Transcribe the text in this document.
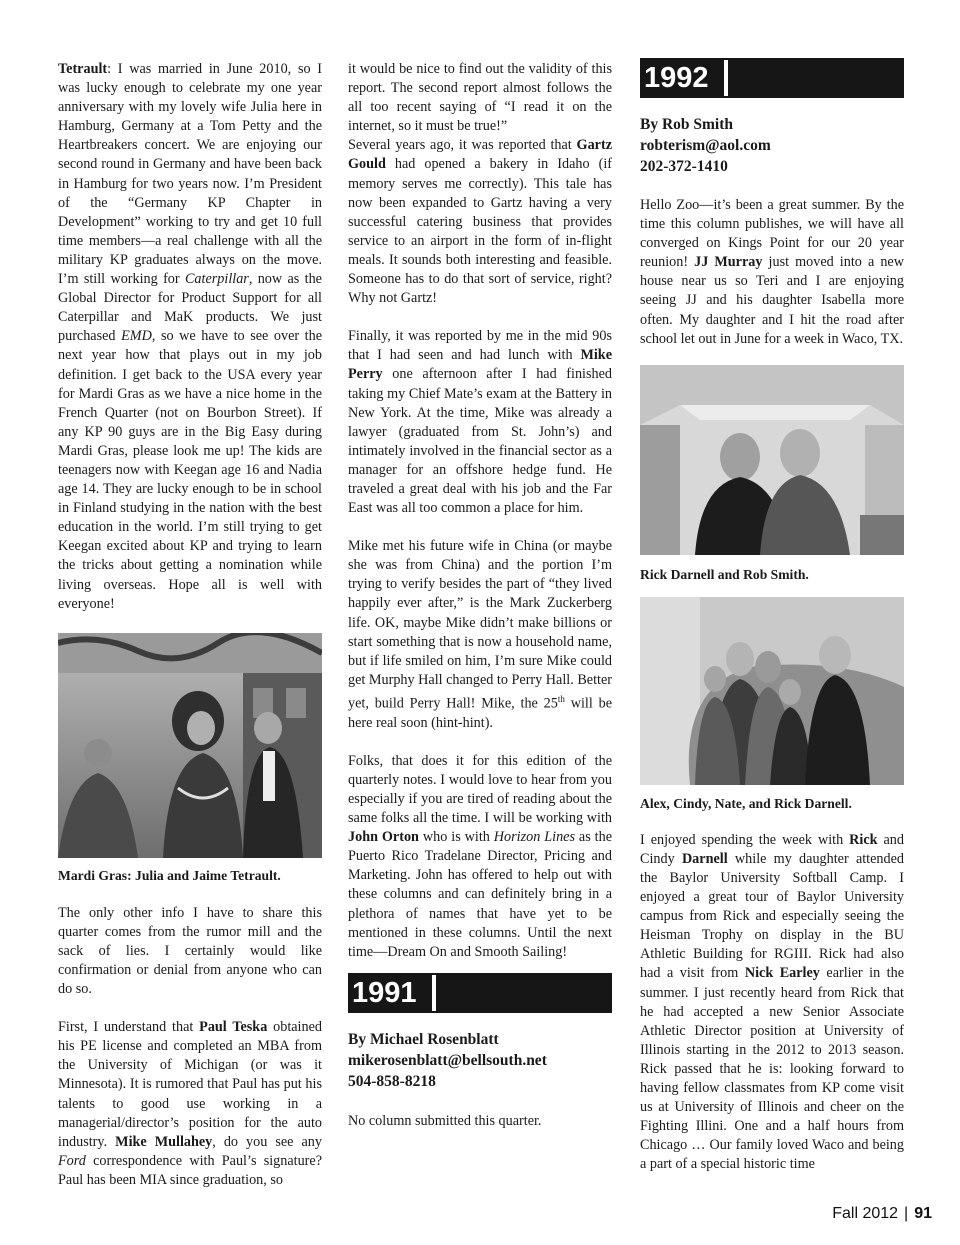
Tetrault: I was married in June 2010, so I was lucky enough to celebrate my one year anniversary with my lovely wife Julia here in Hamburg, Germany at a Tom Petty and the Heartbreakers concert. We are enjoying our second round in Germany and have been back in Hamburg for two years now. I’m President of the “Germany KP Chapter in Development” working to try and get 10 full time members—a real challenge with all the military KP graduates always on the move. I’m still working for Caterpillar, now as the Global Director for Product Support for all Caterpillar and MaK products. We just purchased EMD, so we have to see over the next year how that plays out in my job definition. I get back to the USA every year for Mardi Gras as we have a nice home in the French Quarter (not on Bourbon Street). If any KP 90 guys are in the Big Easy during Mardi Gras, please look me up! The kids are teenagers now with Keegan age 16 and Nadia age 14. They are lucky enough to be in school in Finland studying in the nation with the best education in the world. I’m still trying to get Keegan excited about KP and trying to learn the tricks about getting a nomination while living overseas. Hope all is well with everyone!

Mardi Gras: Julia and Jaime Tetrault.

The only other info I have to share this quarter comes from the rumor mill and the sack of lies. I certainly would like confirmation or denial from anyone who can do so.

First, I understand that Paul Teska obtained his PE license and completed an MBA from the University of Michigan (or was it Minnesota). It is rumored that Paul has put his talents to good use working in a managerial/director’s position for the auto industry. Mike Mullahey, do you see any Ford correspondence with Paul’s signature? Paul has been MIA since graduation, so

it would be nice to find out the validity of this report. The second report almost follows the all too recent saying of “I read it on the internet, so it must be true!”

Several years ago, it was reported that Gartz Gould had opened a bakery in Idaho (if memory serves me correctly). This tale has now been expanded to Gartz having a very successful catering business that provides service to an airport in the form of in-flight meals. It sounds both interesting and feasible. Someone has to do that sort of service, right? Why not Gartz!

Finally, it was reported by me in the mid 90s that I had seen and had lunch with Mike Perry one afternoon after I had finished taking my Chief Mate’s exam at the Battery in New York. At the time, Mike was already a lawyer (graduated from St. John’s) and intimately involved in the financial sector as a manager for an offshore hedge fund. He traveled a great deal with his job and the Far East was all too common a place for him.

Mike met his future wife in China (or maybe she was from China) and the portion I’m trying to verify besides the part of “they lived happily ever after,” is the Mark Zuckerberg life. OK, maybe Mike didn’t make billions or start something that is now a household name, but if life smiled on him, I’m sure Mike could get Murphy Hall changed to Perry Hall. Better yet, build Perry Hall! Mike, the 25th will be here real soon (hint-hint).

Folks, that does it for this edition of the quarterly notes. I would love to hear from you especially if you are tired of reading about the same folks all the time. I will be working with John Orton who is with Horizon Lines as the Puerto Rico Tradelane Director, Pricing and Marketing. John has offered to help out with these columns and can definitely bring in a plethora of names that have yet to be mentioned in these columns. Until the next time—Dream On and Smooth Sailing!

1991
By Michael Rosenblatt
mikerosenblatt@bellsouth.net
504-858-8218

No column submitted this quarter.

1992
By Rob Smith
robterism@aol.com
202-372-1410

Hello Zoo—it’s been a great summer. By the time this column publishes, we will have all converged on Kings Point for our 20 year reunion! JJ Murray just moved into a new house near us so Teri and I are enjoying seeing JJ and his daughter Isabella more often. My daughter and I hit the road after school let out in June for a week in Waco, TX.

Rick Darnell and Rob Smith.
Alex, Cindy, Nate, and Rick Darnell.

I enjoyed spending the week with Rick and Cindy Darnell while my daughter attended the Baylor University Softball Camp. I enjoyed a great tour of Baylor University campus from Rick and especially seeing the Heisman Trophy on display in the BU Athletic Building for RGIII. Rick had also had a visit from Nick Earley earlier in the summer. I just recently heard from Rick that he had accepted a new Senior Associate Athletic Director position at University of Illinois starting in the 2012 to 2013 season. Rick passed that he is: looking forward to having fellow classmates from KP come visit us at University of Illinois and cheer on the Fighting Illini. One and a half hours from Chicago … Our family loved Waco and being a part of a special historic time

Fall 2012 | 91
